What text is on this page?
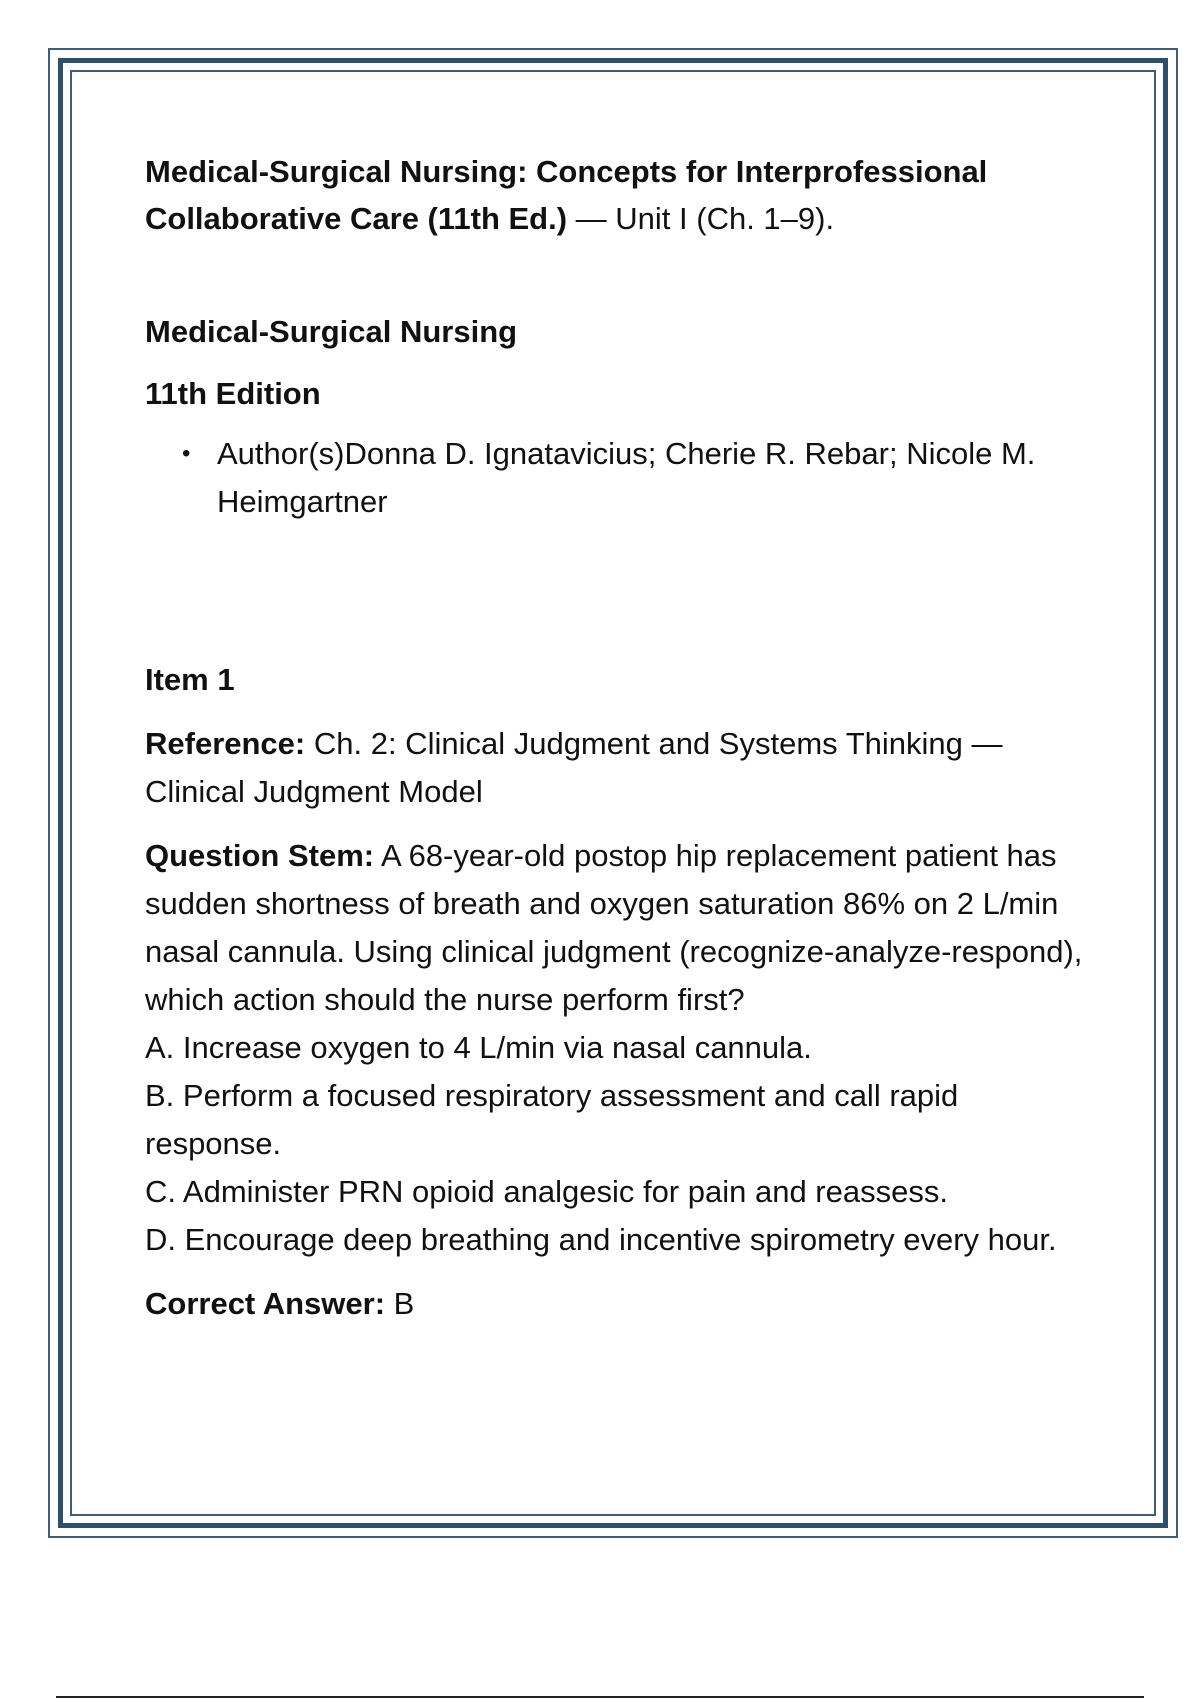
Medical-Surgical Nursing: Concepts for Interprofessional Collaborative Care (11th Ed.) — Unit I (Ch. 1–9).

Medical-Surgical Nursing

11th Edition

• Author(s)Donna D. Ignatavicius; Cherie R. Rebar; Nicole M. Heimgartner

Item 1

Reference: Ch. 2: Clinical Judgment and Systems Thinking — Clinical Judgment Model

Question Stem: A 68-year-old postop hip replacement patient has sudden shortness of breath and oxygen saturation 86% on 2 L/min nasal cannula. Using clinical judgment (recognize-analyze-respond), which action should the nurse perform first?

A. Increase oxygen to 4 L/min via nasal cannula.

B. Perform a focused respiratory assessment and call rapid response.

C. Administer PRN opioid analgesic for pain and reassess.

D. Encourage deep breathing and incentive spirometry every hour.

Correct Answer: B
